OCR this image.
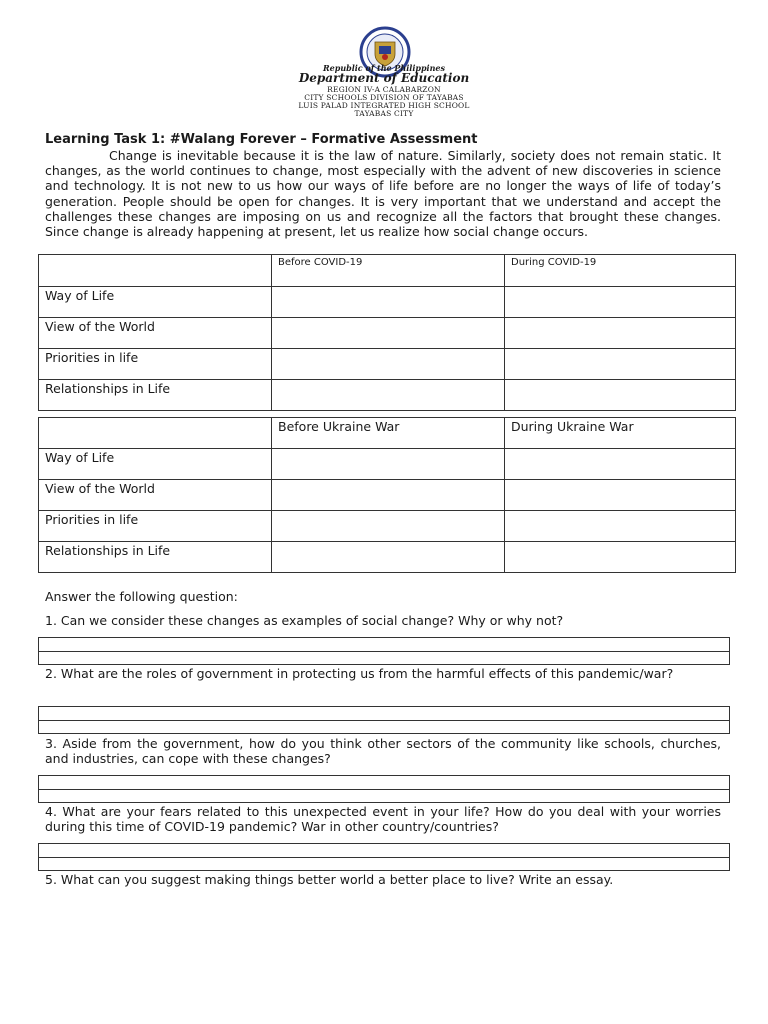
Republic of the Philippines
Department of Education
REGION IV-A CALABARZON
CITY SCHOOLS DIVISION OF TAYABAS
LUIS PALAD INTEGRATED HIGH SCHOOL
TAYABAS CITY
Learning Task 1: #Walang Forever – Formative Assessment

Change is inevitable because it is the law of nature. Similarly, society does not remain static. It changes, as the world continues to change, most especially with the advent of new discoveries in science and technology. It is not new to us how our ways of life before are no longer the ways of life of today’s generation. People should be open for changes. It is very important that we understand and accept the challenges these changes are imposing on us and recognize all the factors that brought these changes. Since change is already happening at present, let us realize how social change occurs.

	Before COVID-19	During COVID-19
Way of Life		
View of the World		
Priorities in life		
Relationships in Life		
	Before Ukraine War	During Ukraine War
Way of Life		
View of the World		
Priorities in life		
Relationships in Life		

Answer the following question:

1. Can we consider these changes as examples of social change? Why or why not?

2. What are the roles of government in protecting us from the harmful effects of this pandemic/war?

3. Aside from the government, how do you think other sectors of the community like schools, churches, and industries, can cope with these changes?

4. What are your fears related to this unexpected event in your life? How do you deal with your worries during this time of COVID-19 pandemic? War in other country/countries?

5. What can you suggest making things better world a better place to live? Write an essay.
